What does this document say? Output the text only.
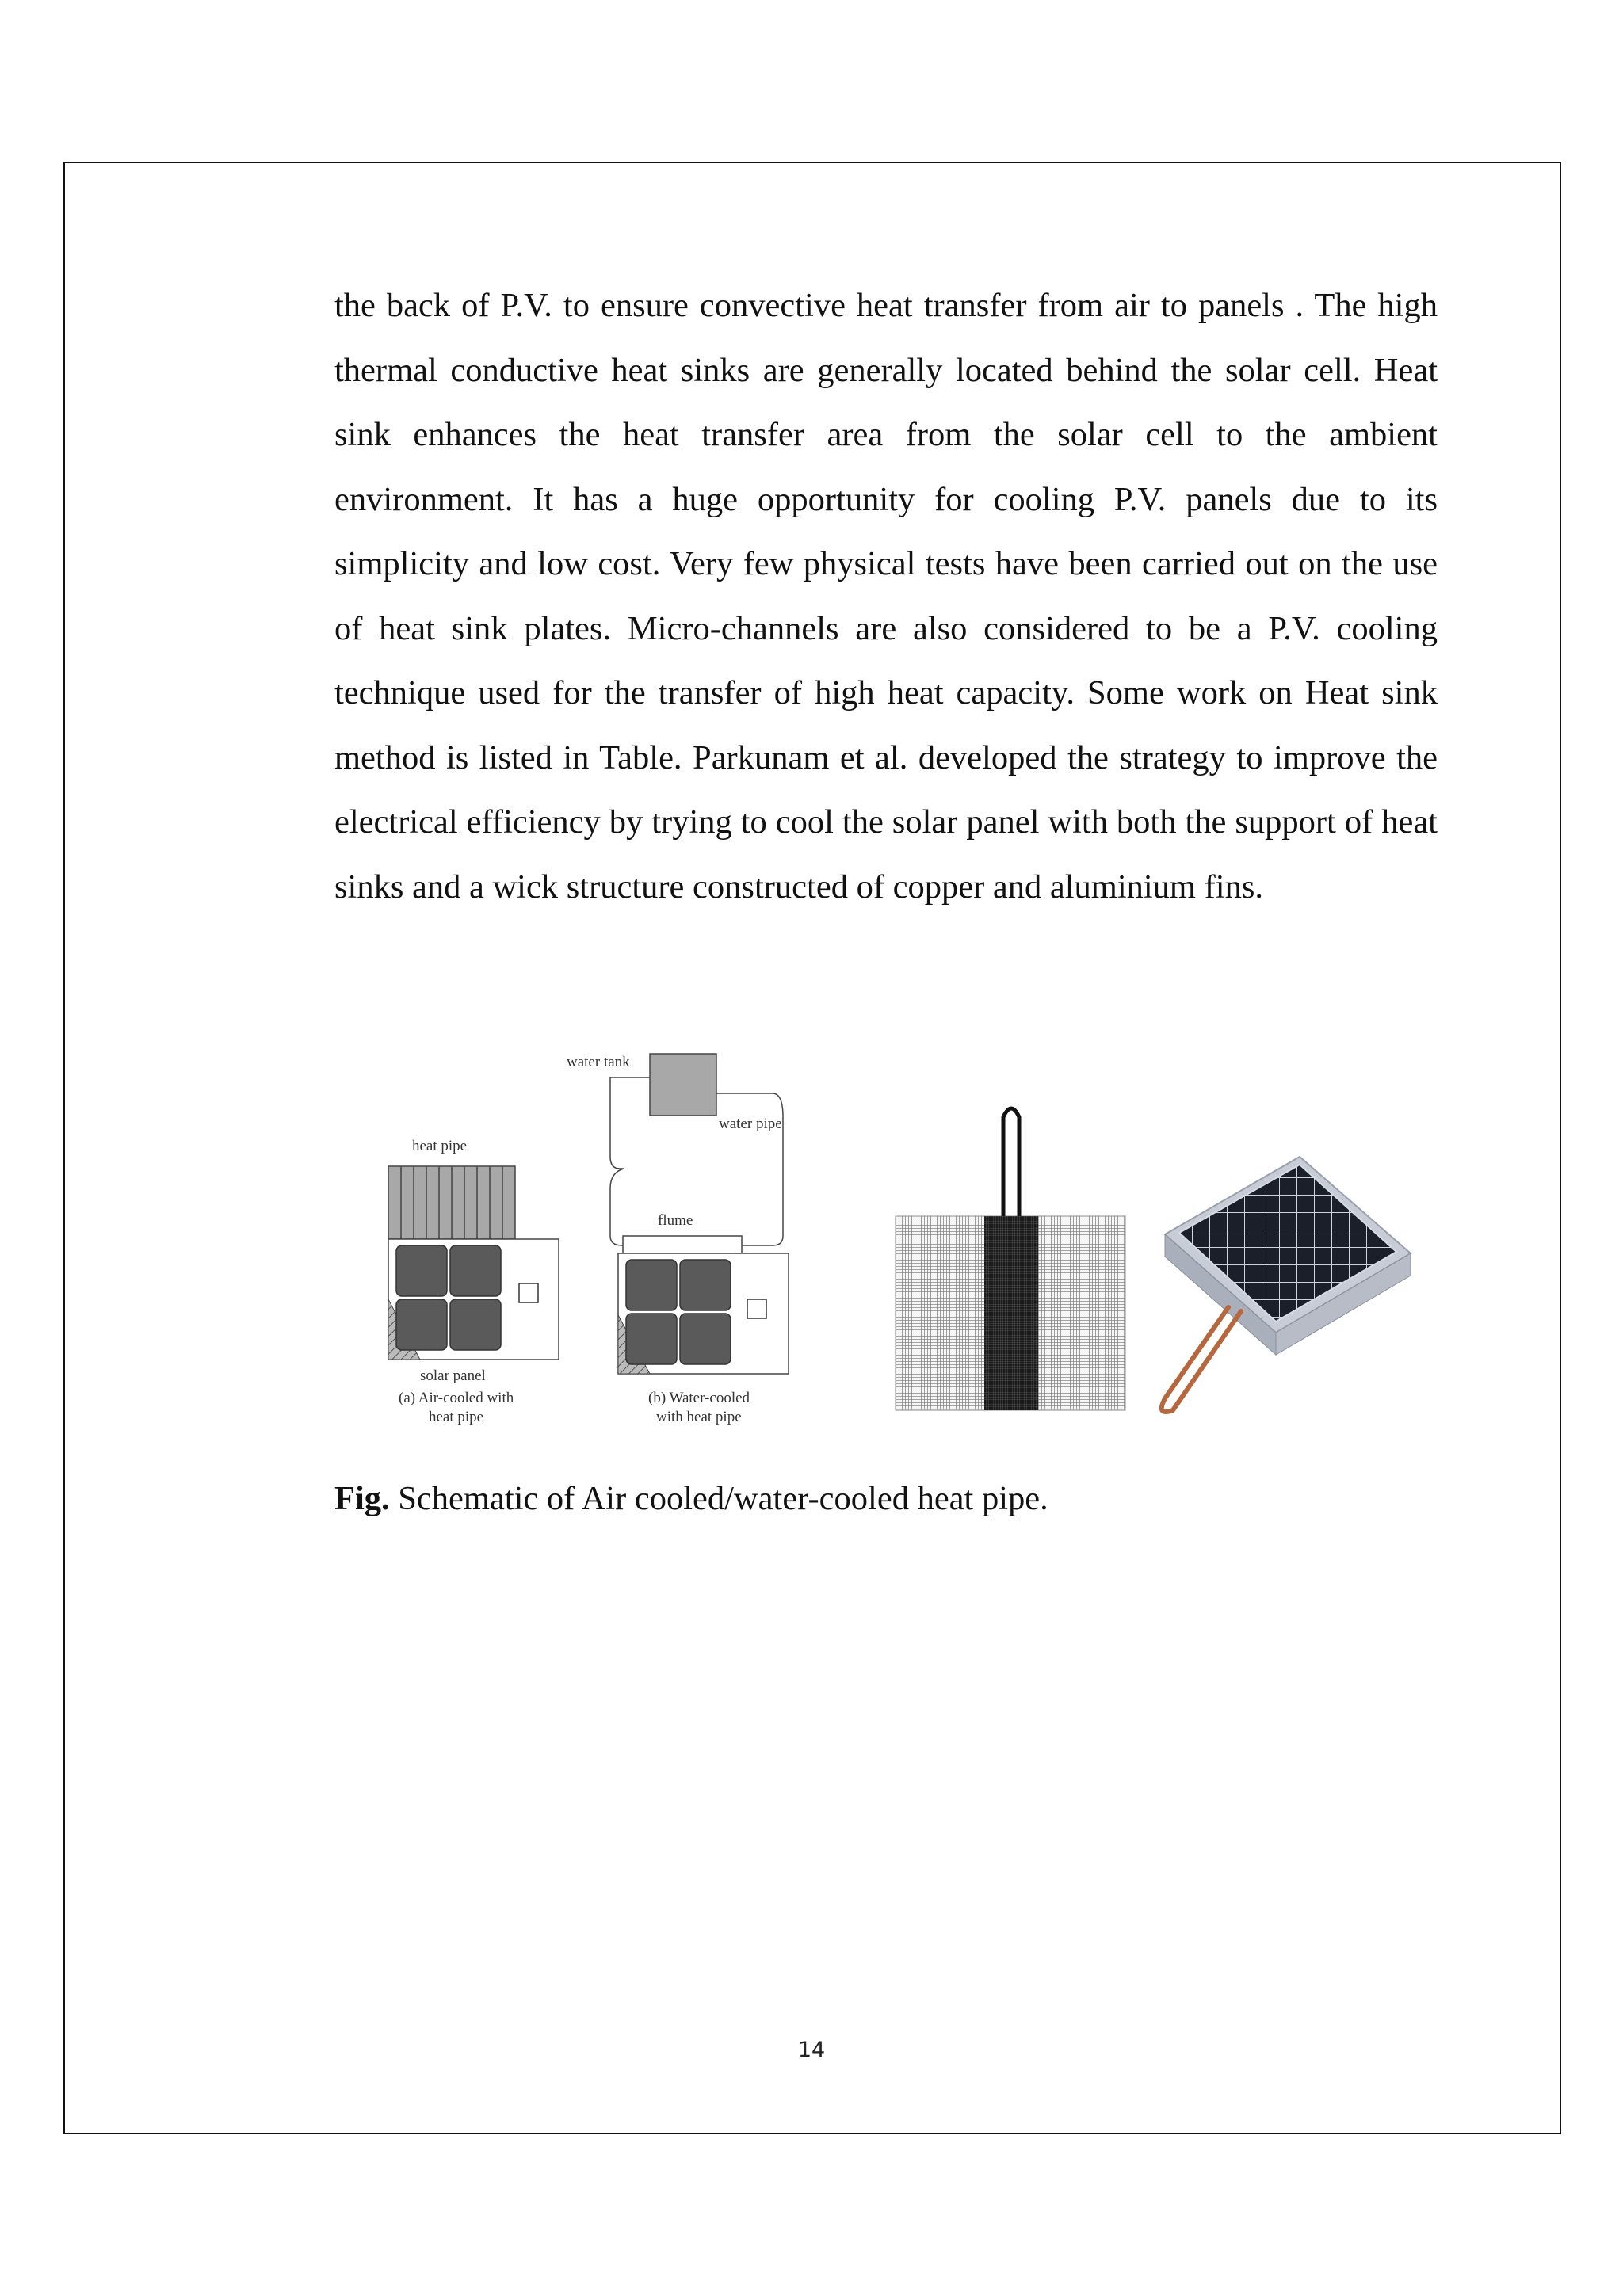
the back of P.V. to ensure convective heat transfer from air to panels . The high thermal conductive heat sinks are generally located behind the solar cell. Heat sink enhances the heat transfer area from the solar cell to the ambient environment. It has a huge opportunity for cooling P.V. panels due to its simplicity and low cost. Very few physical tests have been carried out on the use of heat sink plates. Micro-channels are also considered to be a P.V. cooling technique used for the transfer of high heat capacity. Some work on Heat sink method is listed in Table. Parkunam et al. developed the strategy to improve the electrical efficiency by trying to cool the solar panel with both the support of heat sinks and a wick structure constructed of copper and aluminium fins.

heat pipe
solar panel
(a) Air-cooled with
heat pipe
water tank
water pipe
flume
(b) Water-cooled
with heat pipe

Fig. Schematic of Air cooled/water-cooled heat pipe.

14
